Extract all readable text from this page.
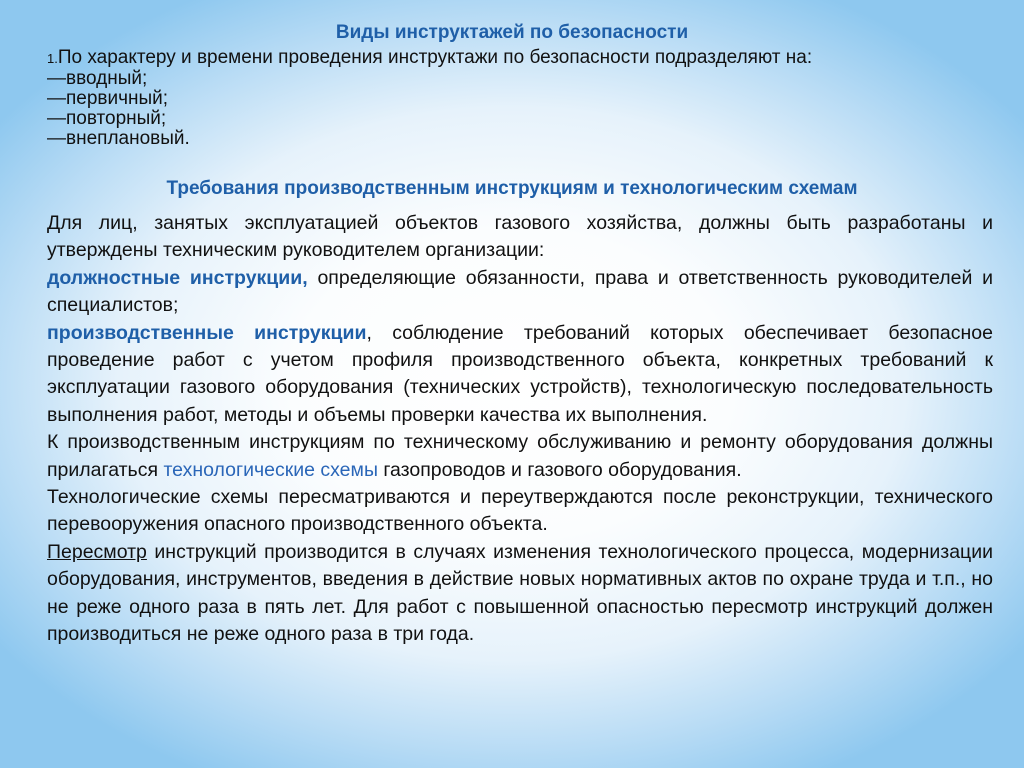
Виды инструктажей по безопасности
1.По характеру и времени проведения инструктажи по безопасности подразделяют на:
—вводный;
—первичный;
—повторный;
—внеплановый.
Требования производственным инструкциям и технологическим схемам

Для лиц, занятых эксплуатацией объектов газового хозяйства, должны быть разработаны и утверждены техническим руководителем организации:

должностные инструкции, определяющие обязанности, права и ответственность руководителей и специалистов;

производственные инструкции, соблюдение требований которых обеспечивает безопасное проведение работ с учетом профиля производственного объекта, конкретных требований к эксплуатации газового оборудования (технических устройств), технологическую последовательность выполнения работ, методы и объемы проверки качества их выполнения.

К производственным инструкциям по техническому обслуживанию и ремонту оборудования должны прилагаться технологические схемы газопроводов и газового оборудования.

Технологические схемы пересматриваются и переутверждаются после реконструкции, технического перевооружения опасного производственного объекта.

Пересмотр инструкций производится в случаях изменения технологического процесса, модернизации оборудования, инструментов, введения в действие новых нормативных актов по охране труда и т.п., но не реже одного раза в пять лет. Для работ с повышенной опасностью пересмотр инструкций должен производиться не реже одного раза в три года.
